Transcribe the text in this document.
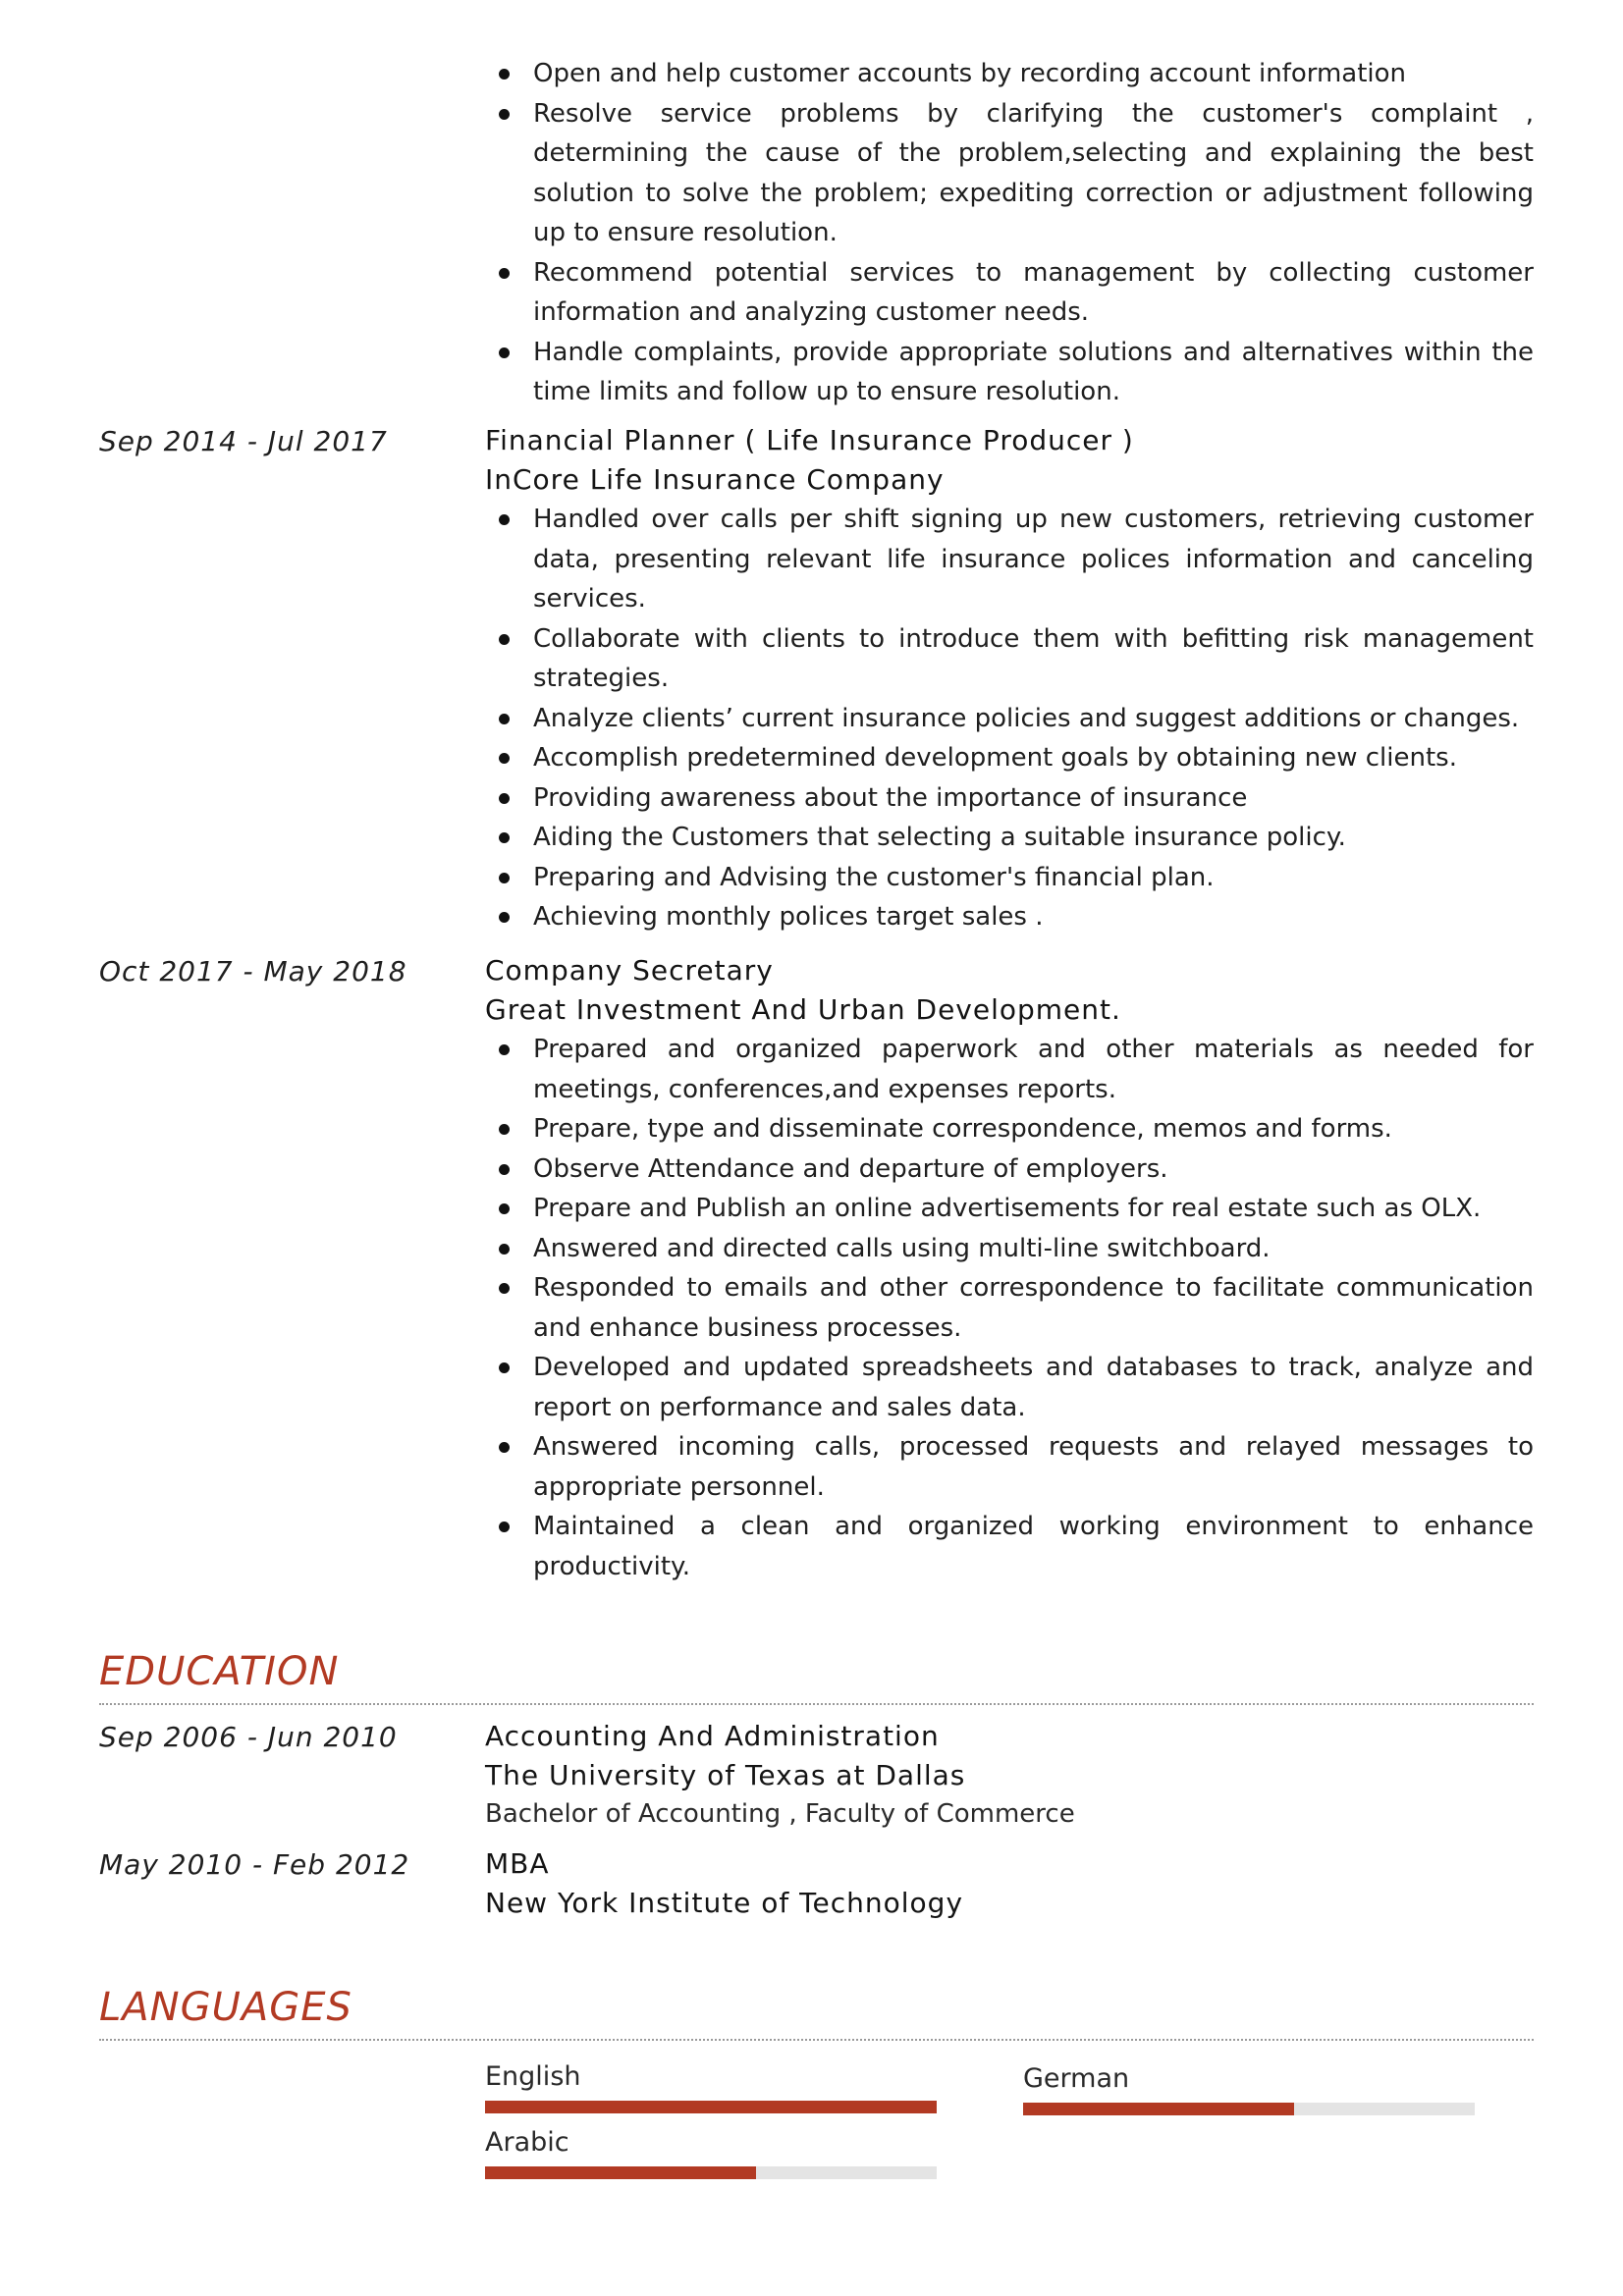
Open and help customer accounts by recording account information
Resolve service problems by clarifying the customer's complaint , determining the cause of the problem,selecting and explaining the best solution to solve the problem; expediting correction or adjustment following up to ensure resolution.
Recommend potential services to management by collecting customer information and analyzing customer needs.
Handle complaints, provide appropriate solutions and alternatives within the time limits and follow up to ensure resolution.
Sep 2014 - Jul 2017	Financial Planner ( Life Insurance Producer )
InCore Life Insurance Company
Handled over calls per shift signing up new customers, retrieving customer data, presenting relevant life insurance polices information and canceling services.
Collaborate with clients to introduce them with befitting risk management strategies.
Analyze clients’ current insurance policies and suggest additions or changes.
Accomplish predetermined development goals by obtaining new clients.
Providing awareness about the importance of insurance
Aiding the Customers that selecting a suitable insurance policy.
Preparing and Advising the customer's financial plan.
Achieving monthly polices target sales .
Oct 2017 - May 2018	Company Secretary
Great Investment And Urban Development.
Prepared and organized paperwork and other materials as needed for meetings, conferences,and expenses reports.
Prepare, type and disseminate correspondence, memos and forms.
Observe Attendance and departure of employers.
Prepare and Publish an online advertisements for real estate such as OLX.
Answered and directed calls using multi-line switchboard.
Responded to emails and other correspondence to facilitate communication and enhance business processes.
Developed and updated spreadsheets and databases to track, analyze and report on performance and sales data.
Answered incoming calls, processed requests and relayed messages to appropriate personnel.
Maintained a clean and organized working environment to enhance productivity.
EDUCATION
Sep 2006 - Jun 2010	Accounting And Administration
The University of Texas at Dallas
Bachelor of Accounting , Faculty of Commerce
May 2010 - Feb 2012	MBA
New York Institute of Technology
LANGUAGES
English	German
Arabic
